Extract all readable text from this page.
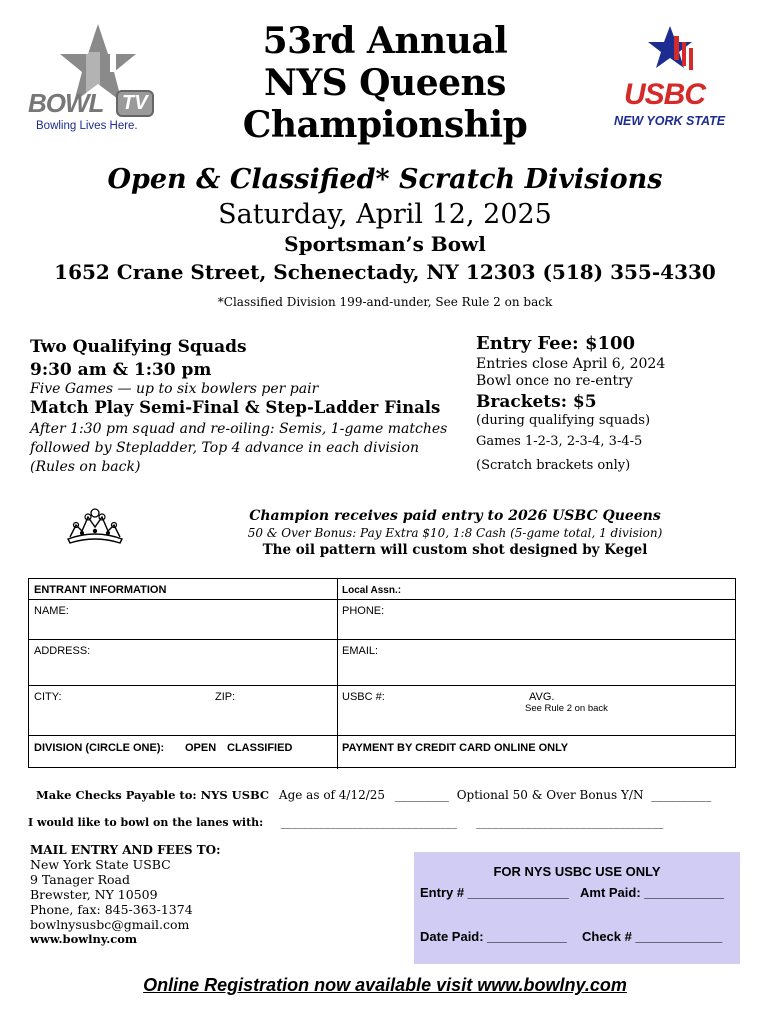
BOWL TV
Bowling Lives Here.
53rd Annual
NYS Queens
Championship
USBC
NEW YORK STATE
Open & Classified* Scratch Divisions
Saturday, April 12, 2025
Sportsman’s Bowl
1652 Crane Street, Schenectady, NY 12303 (518) 355-4330
*Classified Division 199-and-under, See Rule 2 on back
Two Qualifying Squads
9:30 am & 1:30 pm
Five Games — up to six bowlers per pair
Match Play Semi-Final & Step-Ladder Finals
After 1:30 pm squad and re-oiling: Semis, 1-game matches
followed by Stepladder, Top 4 advance in each division
(Rules on back)
Entry Fee: $100
Entries close April 6, 2024
Bowl once no re-entry
Brackets: $5
(during qualifying squads)
Games 1-2-3, 2-3-4, 3-4-5
(Scratch brackets only)
Champion receives paid entry to 2026 USBC Queens
50 & Over Bonus: Pay Extra $10, 1:8 Cash (5-game total, 1 division)
The oil pattern will custom shot designed by Kegel
ENTRANT INFORMATION	Local Assn.:
NAME:	PHONE:
ADDRESS:	EMAIL:
CITY:	ZIP:	USBC #:	AVG.
See Rule 2 on back
DIVISION (CIRCLE ONE): OPEN CLASSIFIED	PAYMENT BY CREDIT CARD ONLINE ONLY
Make Checks Payable to: NYS USBC Age as of 4/12/25 _________ Optional 50 & Over Bonus Y/N __________
I would like to bowl on the lanes with: ________________________________ __________________________________
MAIL ENTRY AND FEES TO:
New York State USBC
9 Tanager Road
Brewster, NY 10509
Phone, fax: 845-363-1374
bowlnysusbc@gmail.com
www.bowlny.com
FOR NYS USBC USE ONLY
Entry # ______________ Amt Paid: ___________
Date Paid: ___________ Check # ____________
Online Registration now available visit www.bowlny.com
